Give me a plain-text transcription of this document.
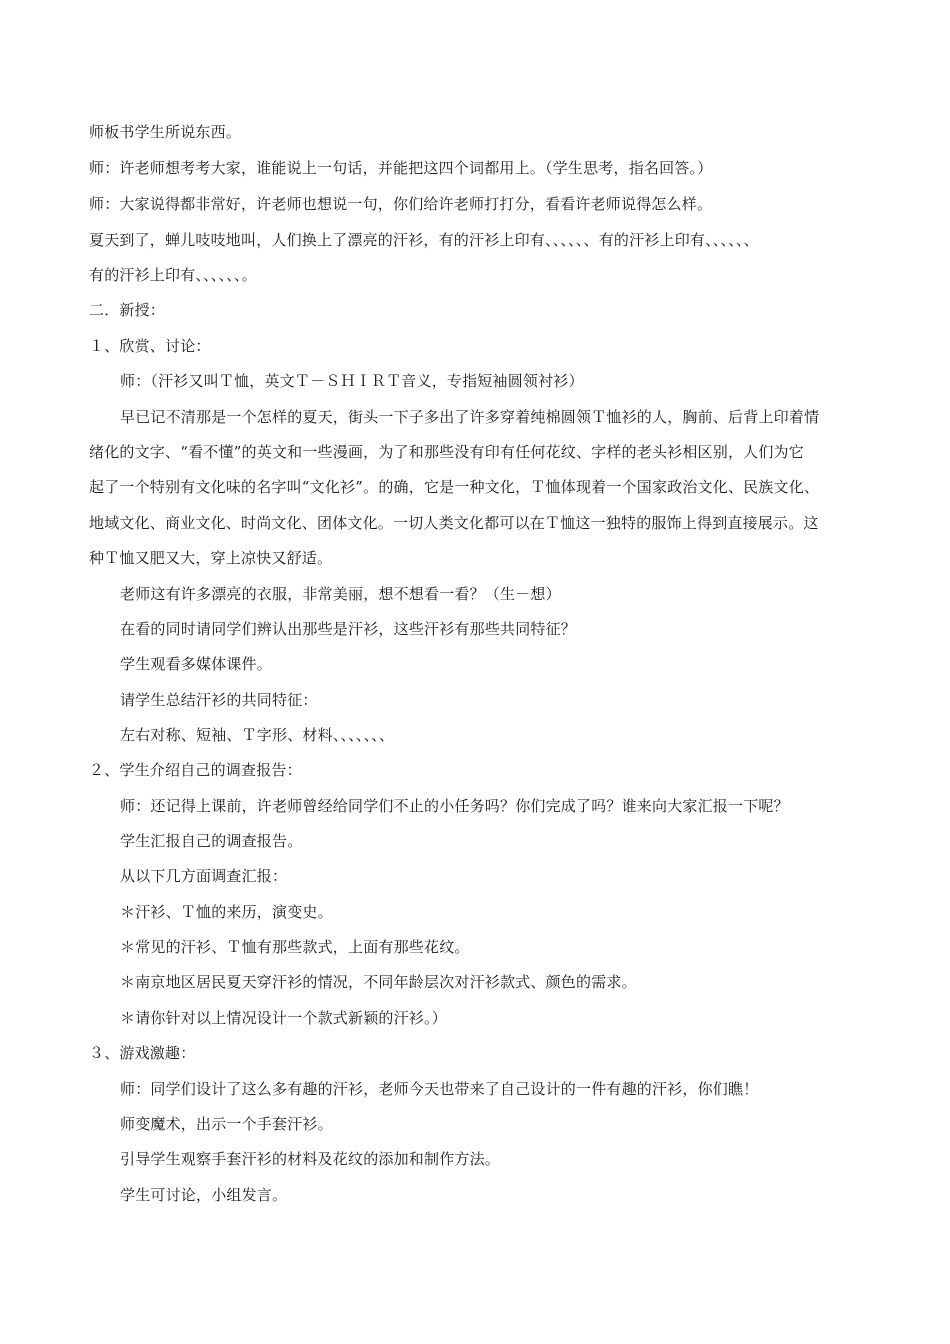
师板书学生所说东西。
师：许老师想考考大家，谁能说上一句话，并能把这四个词都用上。（学生思考，指名回答。）
师：大家说得都非常好，许老师也想说一句，你们给许老师打打分，看看许老师说得怎么样。
夏天到了，蝉儿吱吱地叫，人们换上了漂亮的汗衫，有的汗衫上印有、、、、、、有的汗衫上印有、、、、、、
有的汗衫上印有、、、、、、。
二．新授：
１、欣赏、讨论：
师：（汗衫又叫Ｔ恤，英文Ｔ－ＳＨＩＲＴ音义，专指短袖圆领衬衫）
早已记不清那是一个怎样的夏天，街头一下子多出了许多穿着纯棉圆领Ｔ恤衫的人，胸前、后背上印着情
绪化的文字、“看不懂”的英文和一些漫画，为了和那些没有印有任何花纹、字样的老头衫相区别，人们为它
起了一个特别有文化味的名字叫“文化衫”。的确，它是一种文化，Ｔ恤体现着一个国家政治文化、民族文化、
地域文化、商业文化、时尚文化、团体文化。一切人类文化都可以在Ｔ恤这一独特的服饰上得到直接展示。这
种Ｔ恤又肥又大，穿上凉快又舒适。
老师这有许多漂亮的衣服，非常美丽，想不想看一看？（生－想）
在看的同时请同学们辨认出那些是汗衫，这些汗衫有那些共同特征？
学生观看多媒体课件。
请学生总结汗衫的共同特征：
左右对称、短袖、Ｔ字形、材料、、、、、、、
２、学生介绍自己的调查报告：
师：还记得上课前，许老师曾经给同学们不止的小任务吗？你们完成了吗？谁来向大家汇报一下呢？
学生汇报自己的调查报告。
从以下几方面调查汇报：
＊汗衫、Ｔ恤的来历，演变史。
＊常见的汗衫、Ｔ恤有那些款式，上面有那些花纹。
＊南京地区居民夏天穿汗衫的情况，不同年龄层次对汗衫款式、颜色的需求。
＊请你针对以上情况设计一个款式新颖的汗衫。）
３、游戏激趣：
师：同学们设计了这么多有趣的汗衫，老师今天也带来了自己设计的一件有趣的汗衫，你们瞧！
师变魔术，出示一个手套汗衫。
引导学生观察手套汗衫的材料及花纹的添加和制作方法。
学生可讨论，小组发言。
